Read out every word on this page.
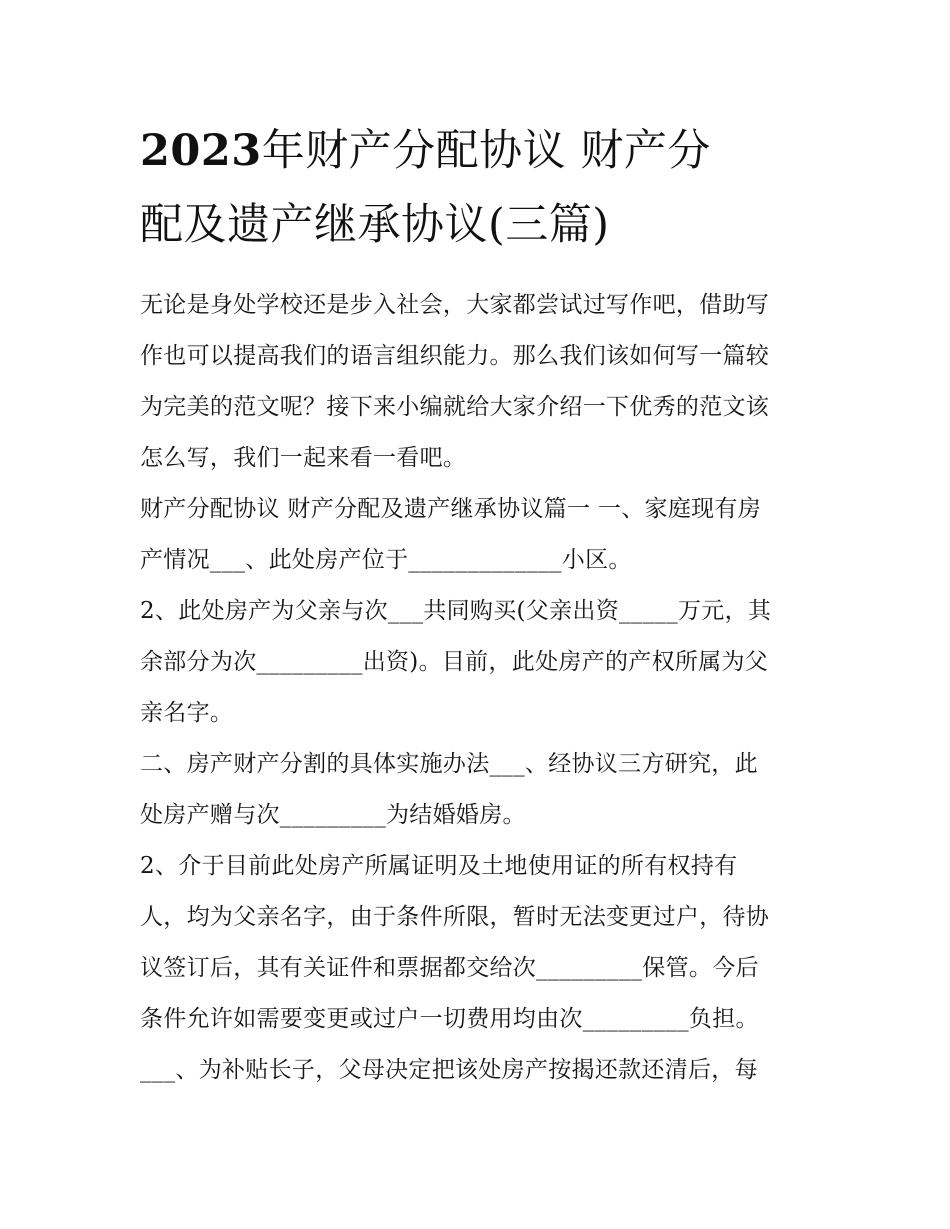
2023年财产分配协议 财产分
配及遗产继承协议(三篇)
无论是身处学校还是步入社会，大家都尝试过写作吧，借助写
作也可以提高我们的语言组织能力。那么我们该如何写一篇较
为完美的范文呢？接下来小编就给大家介绍一下优秀的范文该
怎么写，我们一起来看一看吧。
财产分配协议 财产分配及遗产继承协议篇一 一、家庭现有房
产情况___、此处房产位于_____________小区。
2、此处房产为父亲与次___共同购买(父亲出资_____万元，其
余部分为次_________出资)。目前，此处房产的产权所属为父
亲名字。
二、房产财产分割的具体实施办法___、经协议三方研究，此
处房产赠与次_________为结婚婚房。
2、介于目前此处房产所属证明及土地使用证的所有权持有
人，均为父亲名字，由于条件所限，暂时无法变更过户，待协
议签订后，其有关证件和票据都交给次_________保管。今后
条件允许如需要变更或过户一切费用均由次_________负担。
___、为补贴长子，父母决定把该处房产按揭还款还清后，每
